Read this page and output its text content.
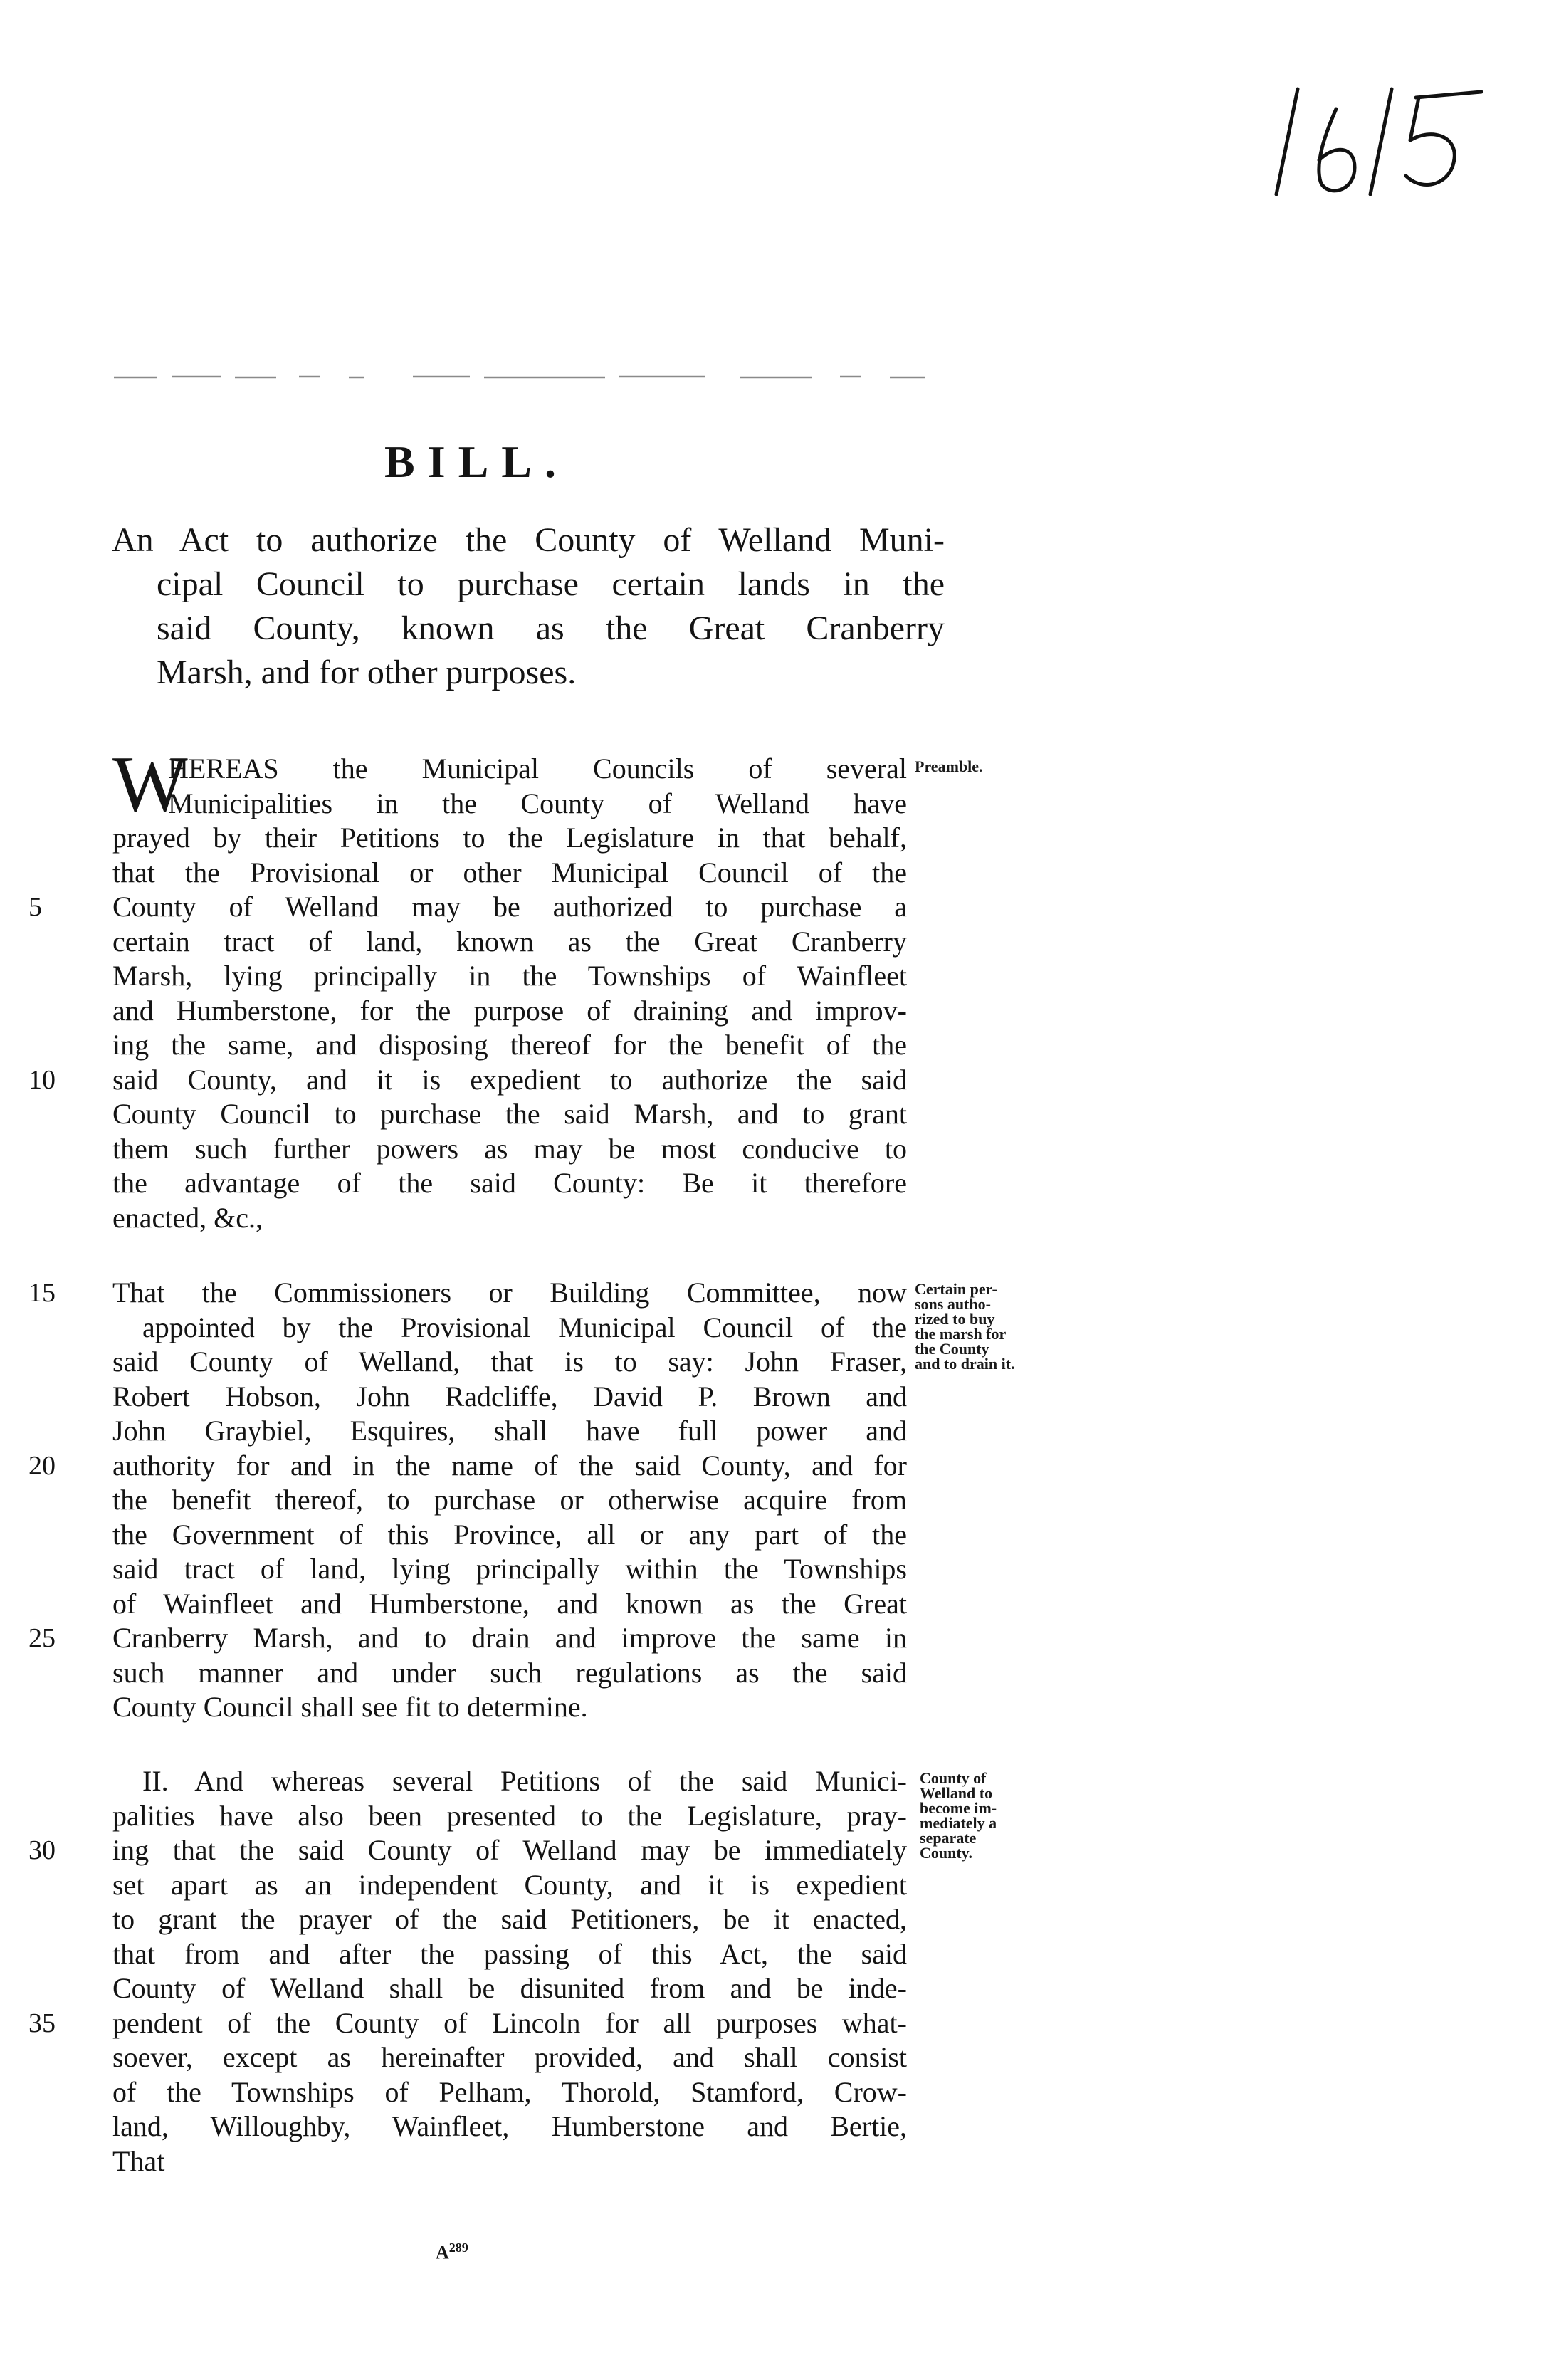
BILL.
An Act to authorize the County of Welland Muni-
cipal Council to purchase certain lands in the
said County, known as the Great Cranberry
Marsh, and for other purposes.
W
HEREAS the Municipal Councils of several
Municipalities in the County of Welland have
prayed by their Petitions to the Legislature in that behalf,
that the Provisional or other Municipal Council of the
5	County of Welland may be authorized to purchase a
certain tract of land, known as the Great Cranberry
Marsh, lying principally in the Townships of Wainfleet
and Humberstone, for the purpose of draining and improv-
ing the same, and disposing thereof for the benefit of the
10	said County, and it is expedient to authorize the said
County Council to purchase the said Marsh, and to grant
them such further powers as may be most conducive to
the advantage of the said County: Be it therefore
enacted, &c.,
Preamble.
15	That the Commissioners or Building Committee, now
appointed by the Provisional Municipal Council of the
said County of Welland, that is to say: John Fraser,
Robert Hobson, John Radcliffe, David P. Brown and
John Graybiel, Esquires, shall have full power and
20	authority for and in the name of the said County, and for
the benefit thereof, to purchase or otherwise acquire from
the Government of this Province, all or any part of the
said tract of land, lying principally within the Townships
of Wainfleet and Humberstone, and known as the Great
25	Cranberry Marsh, and to drain and improve the same in
such manner and under such regulations as the said
County Council shall see fit to determine.
Certain per-
sons autho-
rized to buy
the marsh for
the County
and to drain it.
II. And whereas several Petitions of the said Munici-
palities have also been presented to the Legislature, pray-
30	ing that the said County of Welland may be immediately
set apart as an independent County, and it is expedient
to grant the prayer of the said Petitioners, be it enacted,
that from and after the passing of this Act, the said
County of Welland shall be disunited from and be inde-
35	pendent of the County of Lincoln for all purposes what-
soever, except as hereinafter provided, and shall consist
of the Townships of Pelham, Thorold, Stamford, Crow-
land, Willoughby, Wainfleet, Humberstone and Bertie,
That
County of
Welland to
become im-
mediately a
separate
County.
$A^{289}$
